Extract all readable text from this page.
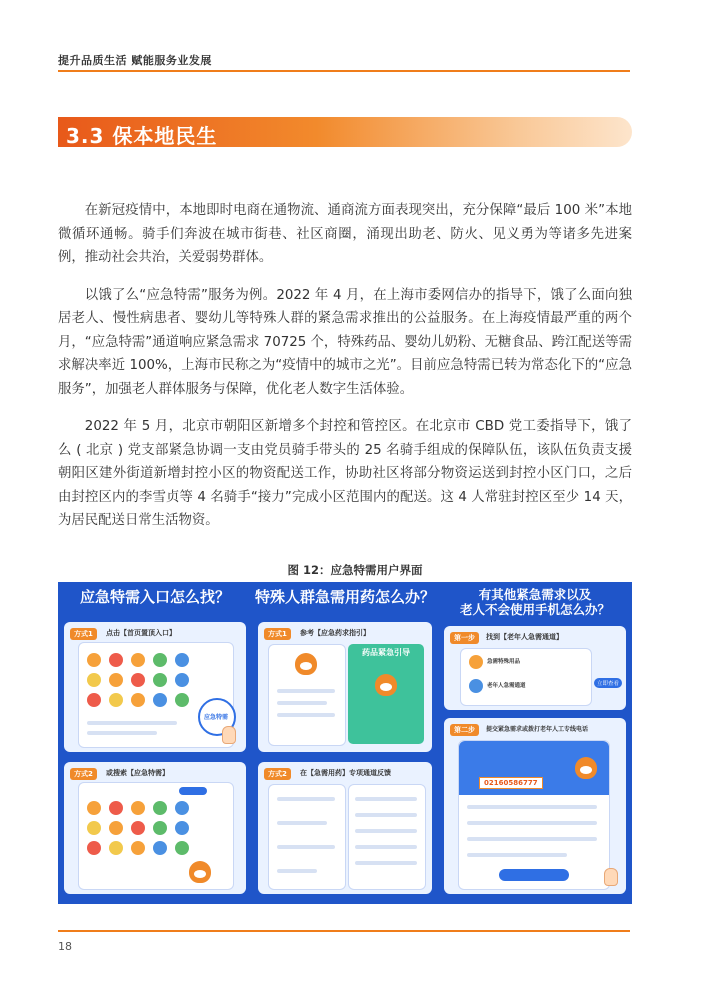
提升品质生活 赋能服务业发展
3.3 保本地民生

在新冠疫情中，本地即时电商在通物流、通商流方面表现突出，充分保障“最后 100 米”本地微循环通畅。骑手们奔波在城市街巷、社区商圈，涌现出助老、防火、见义勇为等诸多先进案例，推动社会共治，关爱弱势群体。

以饿了么“应急特需”服务为例。2022 年 4 月，在上海市委网信办的指导下，饿了么面向独居老人、慢性病患者、婴幼儿等特殊人群的紧急需求推出的公益服务。在上海疫情最严重的两个月，“应急特需”通道响应紧急需求 70725 个，特殊药品、婴幼儿奶粉、无糖食品、跨江配送等需求解决率近 100%，上海市民称之为“疫情中的城市之光”。目前应急特需已转为常态化下的“应急服务”，加强老人群体服务与保障，优化老人数字生活体验。

2022 年 5 月，北京市朝阳区新增多个封控和管控区。在北京市 CBD 党工委指导下，饿了么 ( 北京 ) 党支部紧急协调一支由党员骑手带头的 25 名骑手组成的保障队伍，该队伍负责支援朝阳区建外街道新增封控小区的物资配送工作，协助社区将部分物资运送到封控小区门口，之后由封控区内的李雪贞等 4 名骑手“接力”完成小区范围内的配送。这 4 人常驻封控区至少 14 天，为居民配送日常生活物资。

图 12：应急特需用户界面
应急特需入口怎么找？
方式1	点击【首页置顶入口】
应急特需
方式2	或搜索【应急特需】
特殊人群急需用药怎么办？
方式1	参考【应急药求指引】
药品紧急引导
方式2	在【急需用药】专项通道反馈
有其他紧急需求以及
老人不会使用手机怎么办？
第一步	找到【老年人急需通道】
急需特殊用品
老年人急需通道	立即查看
第二步	提交紧急需求或拨打老年人工专线电话
02160586777
18
